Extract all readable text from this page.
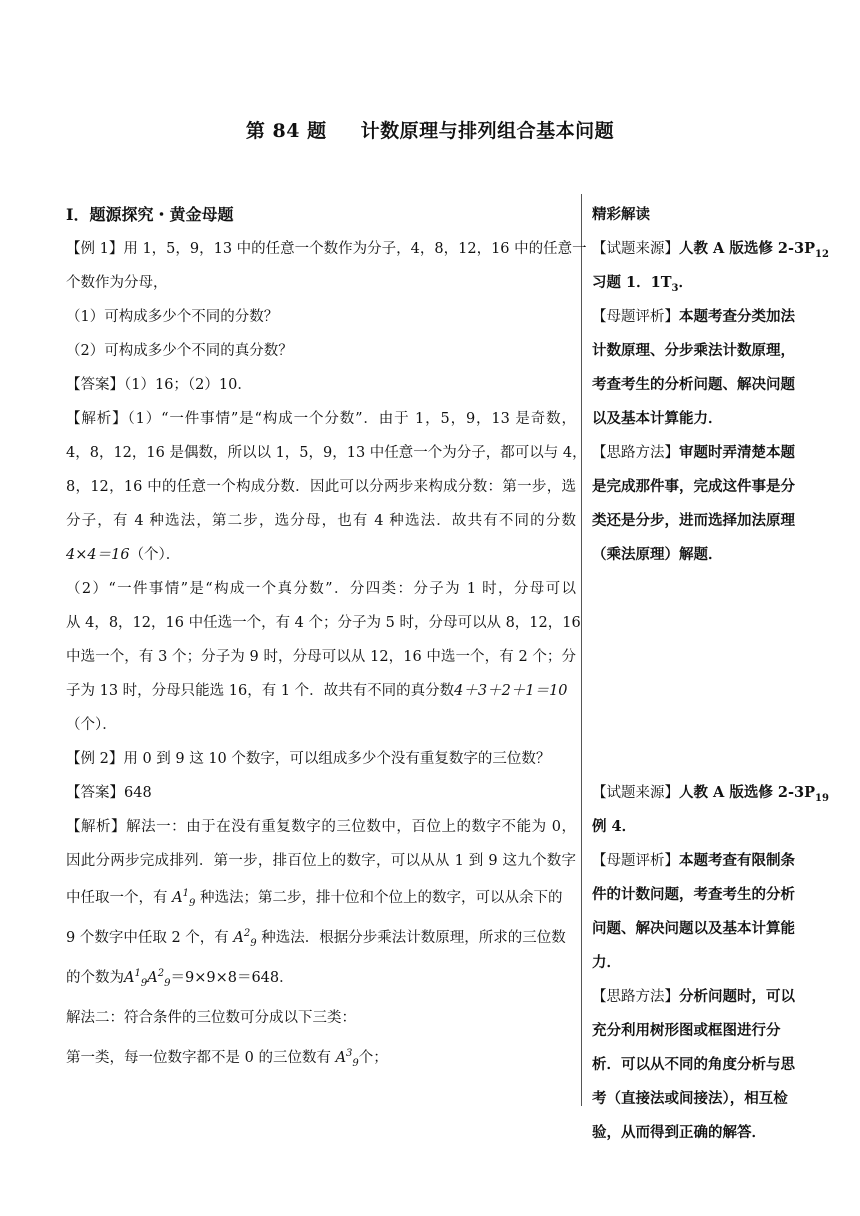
第 84 题 计数原理与排列组合基本问题
I．题源探究・黄金母题
【例 1】用 1，5，9，13 中的任意一个数作为分子，4，8，12，16 中的任意一
个数作为分母，
（1）可构成多少个不同的分数？
（2）可构成多少个不同的真分数？
【答案】（1）16；（2）10．
【解析】（1）“一件事情”是“构成一个分数”．由于 1，5，9，13 是奇数，
4，8，12，16 是偶数，所以以 1，5，9，13 中任意一个为分子，都可以与 4，
8，12，16 中的任意一个构成分数．因此可以分两步来构成分数：第一步，选
分子，有 4 种选法，第二步，选分母，也有 4 种选法．故共有不同的分数
4×4＝16（个）．
（2）“一件事情”是“构成一个真分数”．分四类：分子为 1 时，分母可以
从 4，8，12，16 中任选一个，有 4 个；分子为 5 时，分母可以从 8，12，16
中选一个，有 3 个；分子为 9 时，分母可以从 12，16 中选一个，有 2 个；分
子为 13 时，分母只能选 16，有 1 个．故共有不同的真分数4＋3＋2＋1＝10
（个）．
【例 2】用 0 到 9 这 10 个数字，可以组成多少个没有重复数字的三位数？
【答案】648
【解析】解法一：由于在没有重复数字的三位数中，百位上的数字不能为 0，
因此分两步完成排列．第一步，排百位上的数字，可以从从 1 到 9 这九个数字
中任取一个，有 $A^1_9$ 种选法；第二步，排十位和个位上的数字，可以从余下的
9 个数字中任取 2 个，有 $A^2_9$ 种选法．根据分步乘法计数原理，所求的三位数
的个数为$A^1_9A^2_9=9\times 9\times 8=648$．
解法二：符合条件的三位数可分成以下三类：
第一类，每一位数字都不是 0 的三位数有 $A^3_9$个；
精彩解读
【试题来源】人教 A 版选修 $2-3P_{12}$
习题 1．$1T_3$．
【母题评析】本题考查分类加法
计数原理、分步乘法计数原理，
考查考生的分析问题、解决问题
以及基本计算能力．
【思路方法】审题时弄清楚本题
是完成那件事，完成这件事是分
类还是分步，进而选择加法原理
（乘法原理）解题．
【试题来源】人教 A 版选修 $2-3P_{19}$
例 4．
【母题评析】本题考查有限制条
件的计数问题，考查考生的分析
问题、解决问题以及基本计算能
力．
【思路方法】分析问题时，可以
充分利用树形图或框图进行分
析．可以从不同的角度分析与思
考（直接法或间接法），相互检
验，从而得到正确的解答．
